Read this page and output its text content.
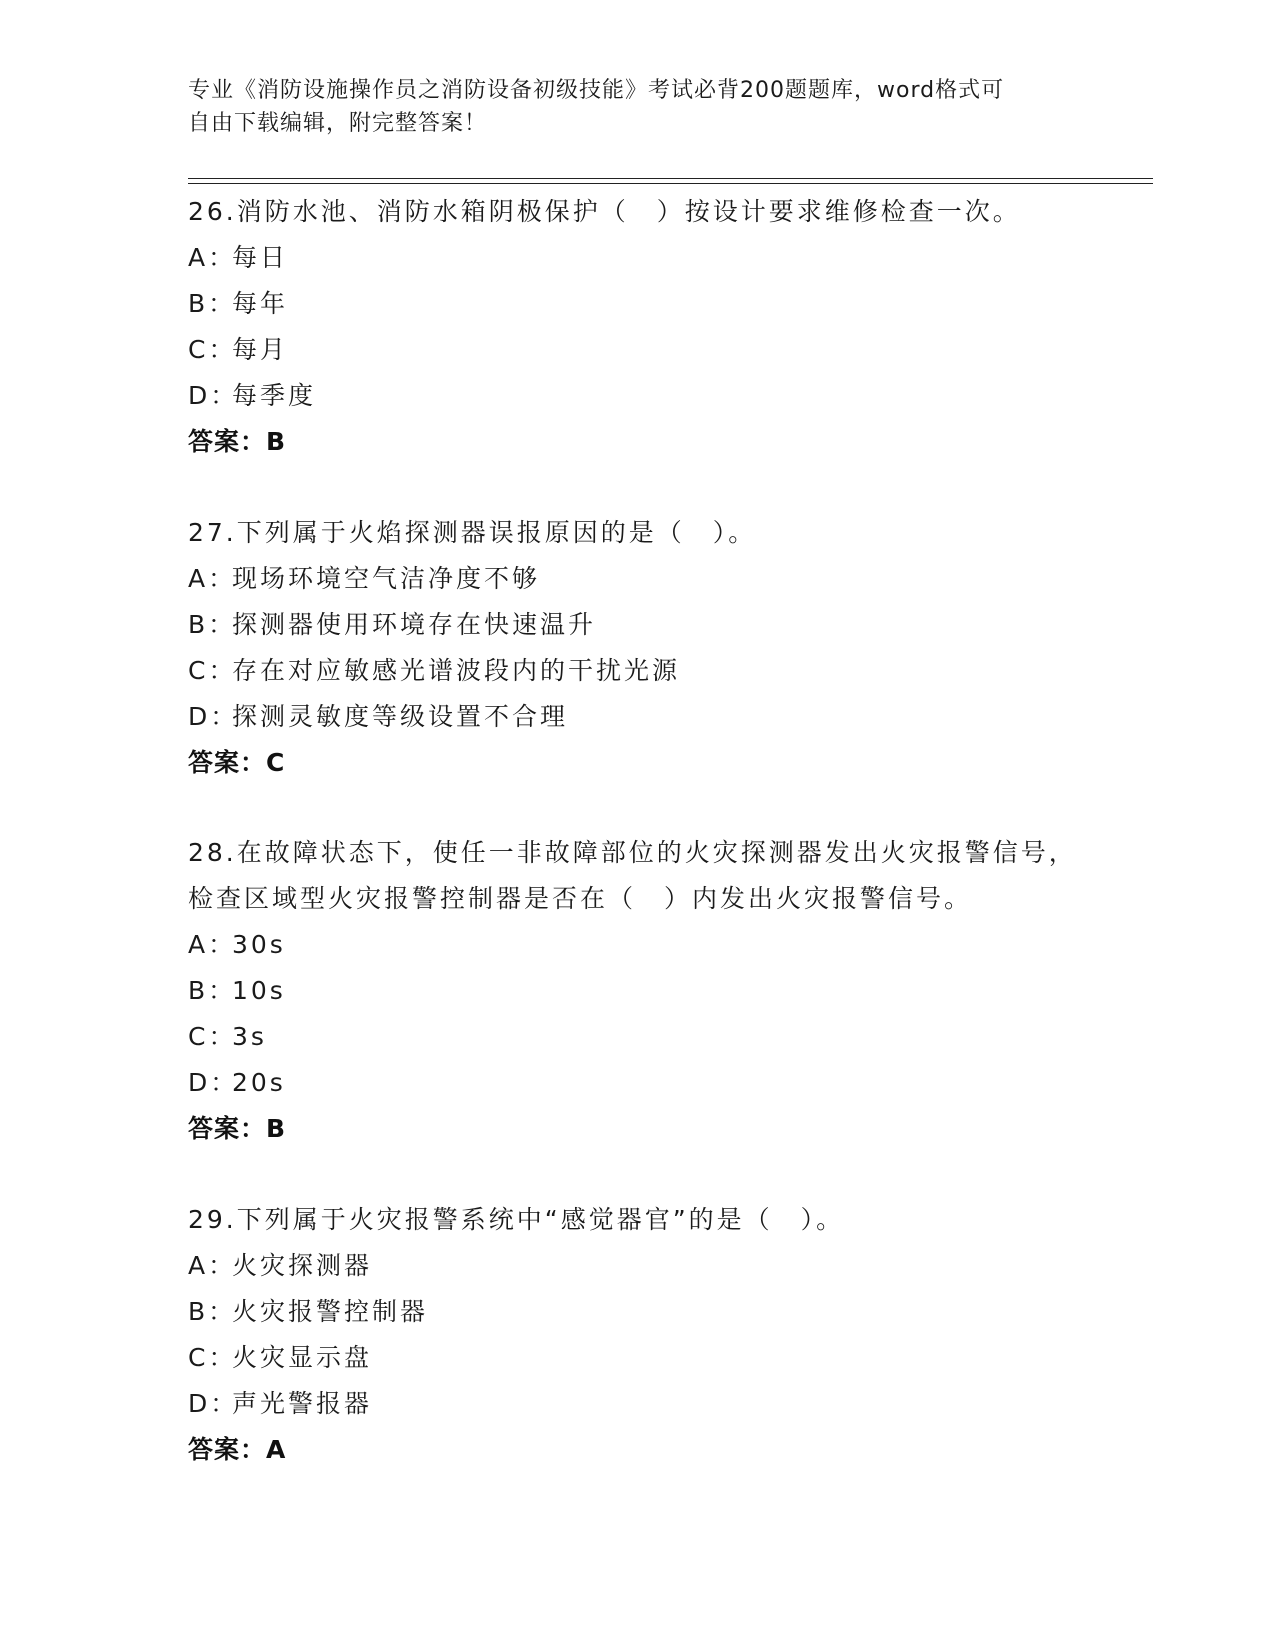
专业《消防设施操作员之消防设备初级技能》考试必背200题题库，word格式可
自由下载编辑，附完整答案！
26.消防水池、消防水箱阴极保护（　）按设计要求维修检查一次。
A：每日
B：每年
C：每月
D：每季度
答案：B
27.下列属于火焰探测器误报原因的是（　）。
A：现场环境空气洁净度不够
B：探测器使用环境存在快速温升
C：存在对应敏感光谱波段内的干扰光源
D：探测灵敏度等级设置不合理
答案：C
28.在故障状态下，使任一非故障部位的火灾探测器发出火灾报警信号，检查区域型火灾报警控制器是否在（　）内发出火灾报警信号。
A：30s
B：10s
C：3s
D：20s
答案：B
29.下列属于火灾报警系统中“感觉器官”的是（　）。
A：火灾探测器
B：火灾报警控制器
C：火灾显示盘
D：声光警报器
答案：A
